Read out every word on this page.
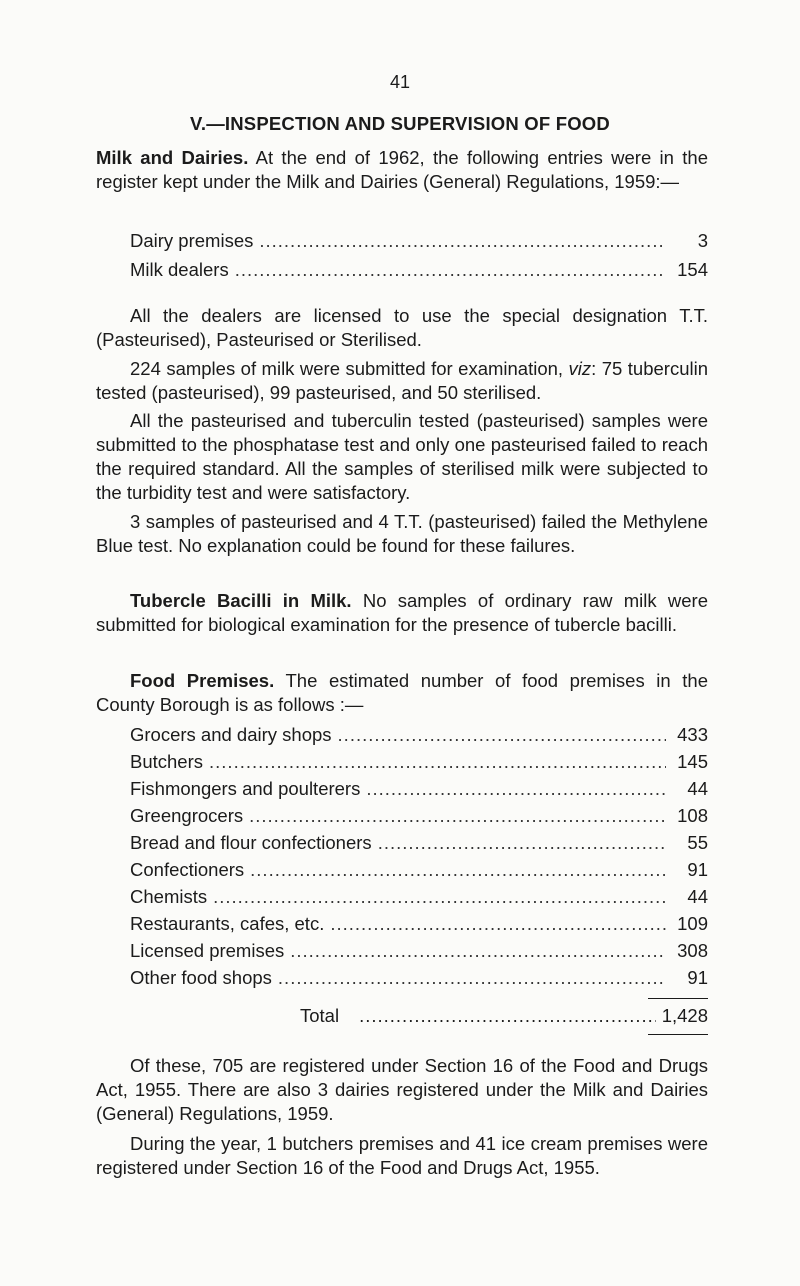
41
V.—INSPECTION AND SUPERVISION OF FOOD
Milk and Dairies. At the end of 1962, the following entries were in the register kept under the Milk and Dairies (General) Regulations, 1959:—
Dairy premises .....	3
Milk dealers .....	154
All the dealers are licensed to use the special designation T.T. (Pasteurised), Pasteurised or Sterilised.
224 samples of milk were submitted for examination, viz: 75 tuberculin tested (pasteurised), 99 pasteurised, and 50 sterilised.
All the pasteurised and tuberculin tested (pasteurised) samples were submitted to the phosphatase test and only one pasteurised failed to reach the required standard. All the samples of sterilised milk were subjected to the turbidity test and were satisfactory.
3 samples of pasteurised and 4 T.T. (pasteurised) failed the Methylene Blue test. No explanation could be found for these failures.
Tubercle Bacilli in Milk. No samples of ordinary raw milk were submitted for biological examination for the presence of tubercle bacilli.
Food Premises. The estimated number of food premises in the County Borough is as follows :—
Grocers and dairy shops .....	433
Butchers .....	145
Fishmongers and poulterers .....	44
Greengrocers .....	108
Bread and flour confectioners .....	55
Confectioners .....	91
Chemists .....	44
Restaurants, cafes, etc. .....	109
Licensed premises .....	308
Other food shops .....	91
Total .....	1,428
Of these, 705 are registered under Section 16 of the Food and Drugs Act, 1955. There are also 3 dairies registered under the Milk and Dairies (General) Regulations, 1959.
During the year, 1 butchers premises and 41 ice cream premises were registered under Section 16 of the Food and Drugs Act, 1955.
